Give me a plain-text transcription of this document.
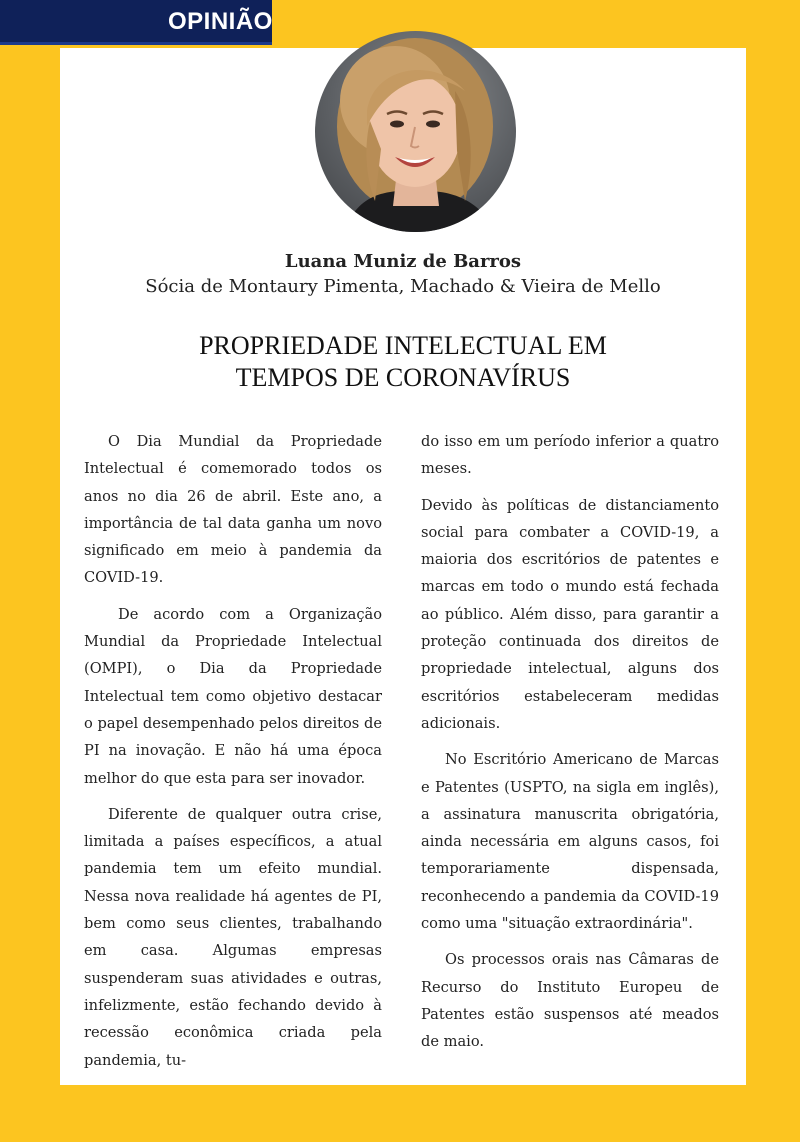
OPINIÃO
Luana Muniz de Barros
Sócia de Montaury Pimenta, Machado & Vieira de Mello
PROPRIEDADE INTELECTUAL EM
TEMPOS DE CORONAVÍRUS

O Dia Mundial da Propriedade Intelectual é comemorado todos os anos no dia 26 de abril. Este ano, a importância de tal data ganha um novo significado em meio à pandemia da COVID-19.

De acordo com a Organização Mundial da Propriedade Intelectual (OMPI), o Dia da Propriedade Intelectual tem como objetivo destacar o papel desempenhado pelos direitos de PI na inovação. E não há uma época melhor do que esta para ser inovador.

Diferente de qualquer outra crise, limitada a países específicos, a atual pandemia tem um efeito mundial. Nessa nova realidade há agentes de PI, bem como seus clientes, trabalhando em casa. Algumas empresas suspenderam suas atividades e outras, infelizmente, estão fechando devido à recessão econômica criada pela pandemia, tu-

do isso em um período inferior a quatro meses.

Devido às políticas de distanciamento social para combater a COVID-19, a maioria dos escritórios de patentes e marcas em todo o mundo está fechada ao público. Além disso, para garantir a proteção continuada dos direitos de propriedade intelectual, alguns dos escritórios estabeleceram medidas adicionais.

No Escritório Americano de Marcas e Patentes (USPTO, na sigla em inglês), a assinatura manuscrita obrigatória, ainda necessária em alguns casos, foi temporariamente dispensada, reconhecendo a pandemia da COVID-19 como uma "situação extraordinária".

Os processos orais nas Câmaras de Recurso do Instituto Europeu de Patentes estão suspensos até meados de maio.
